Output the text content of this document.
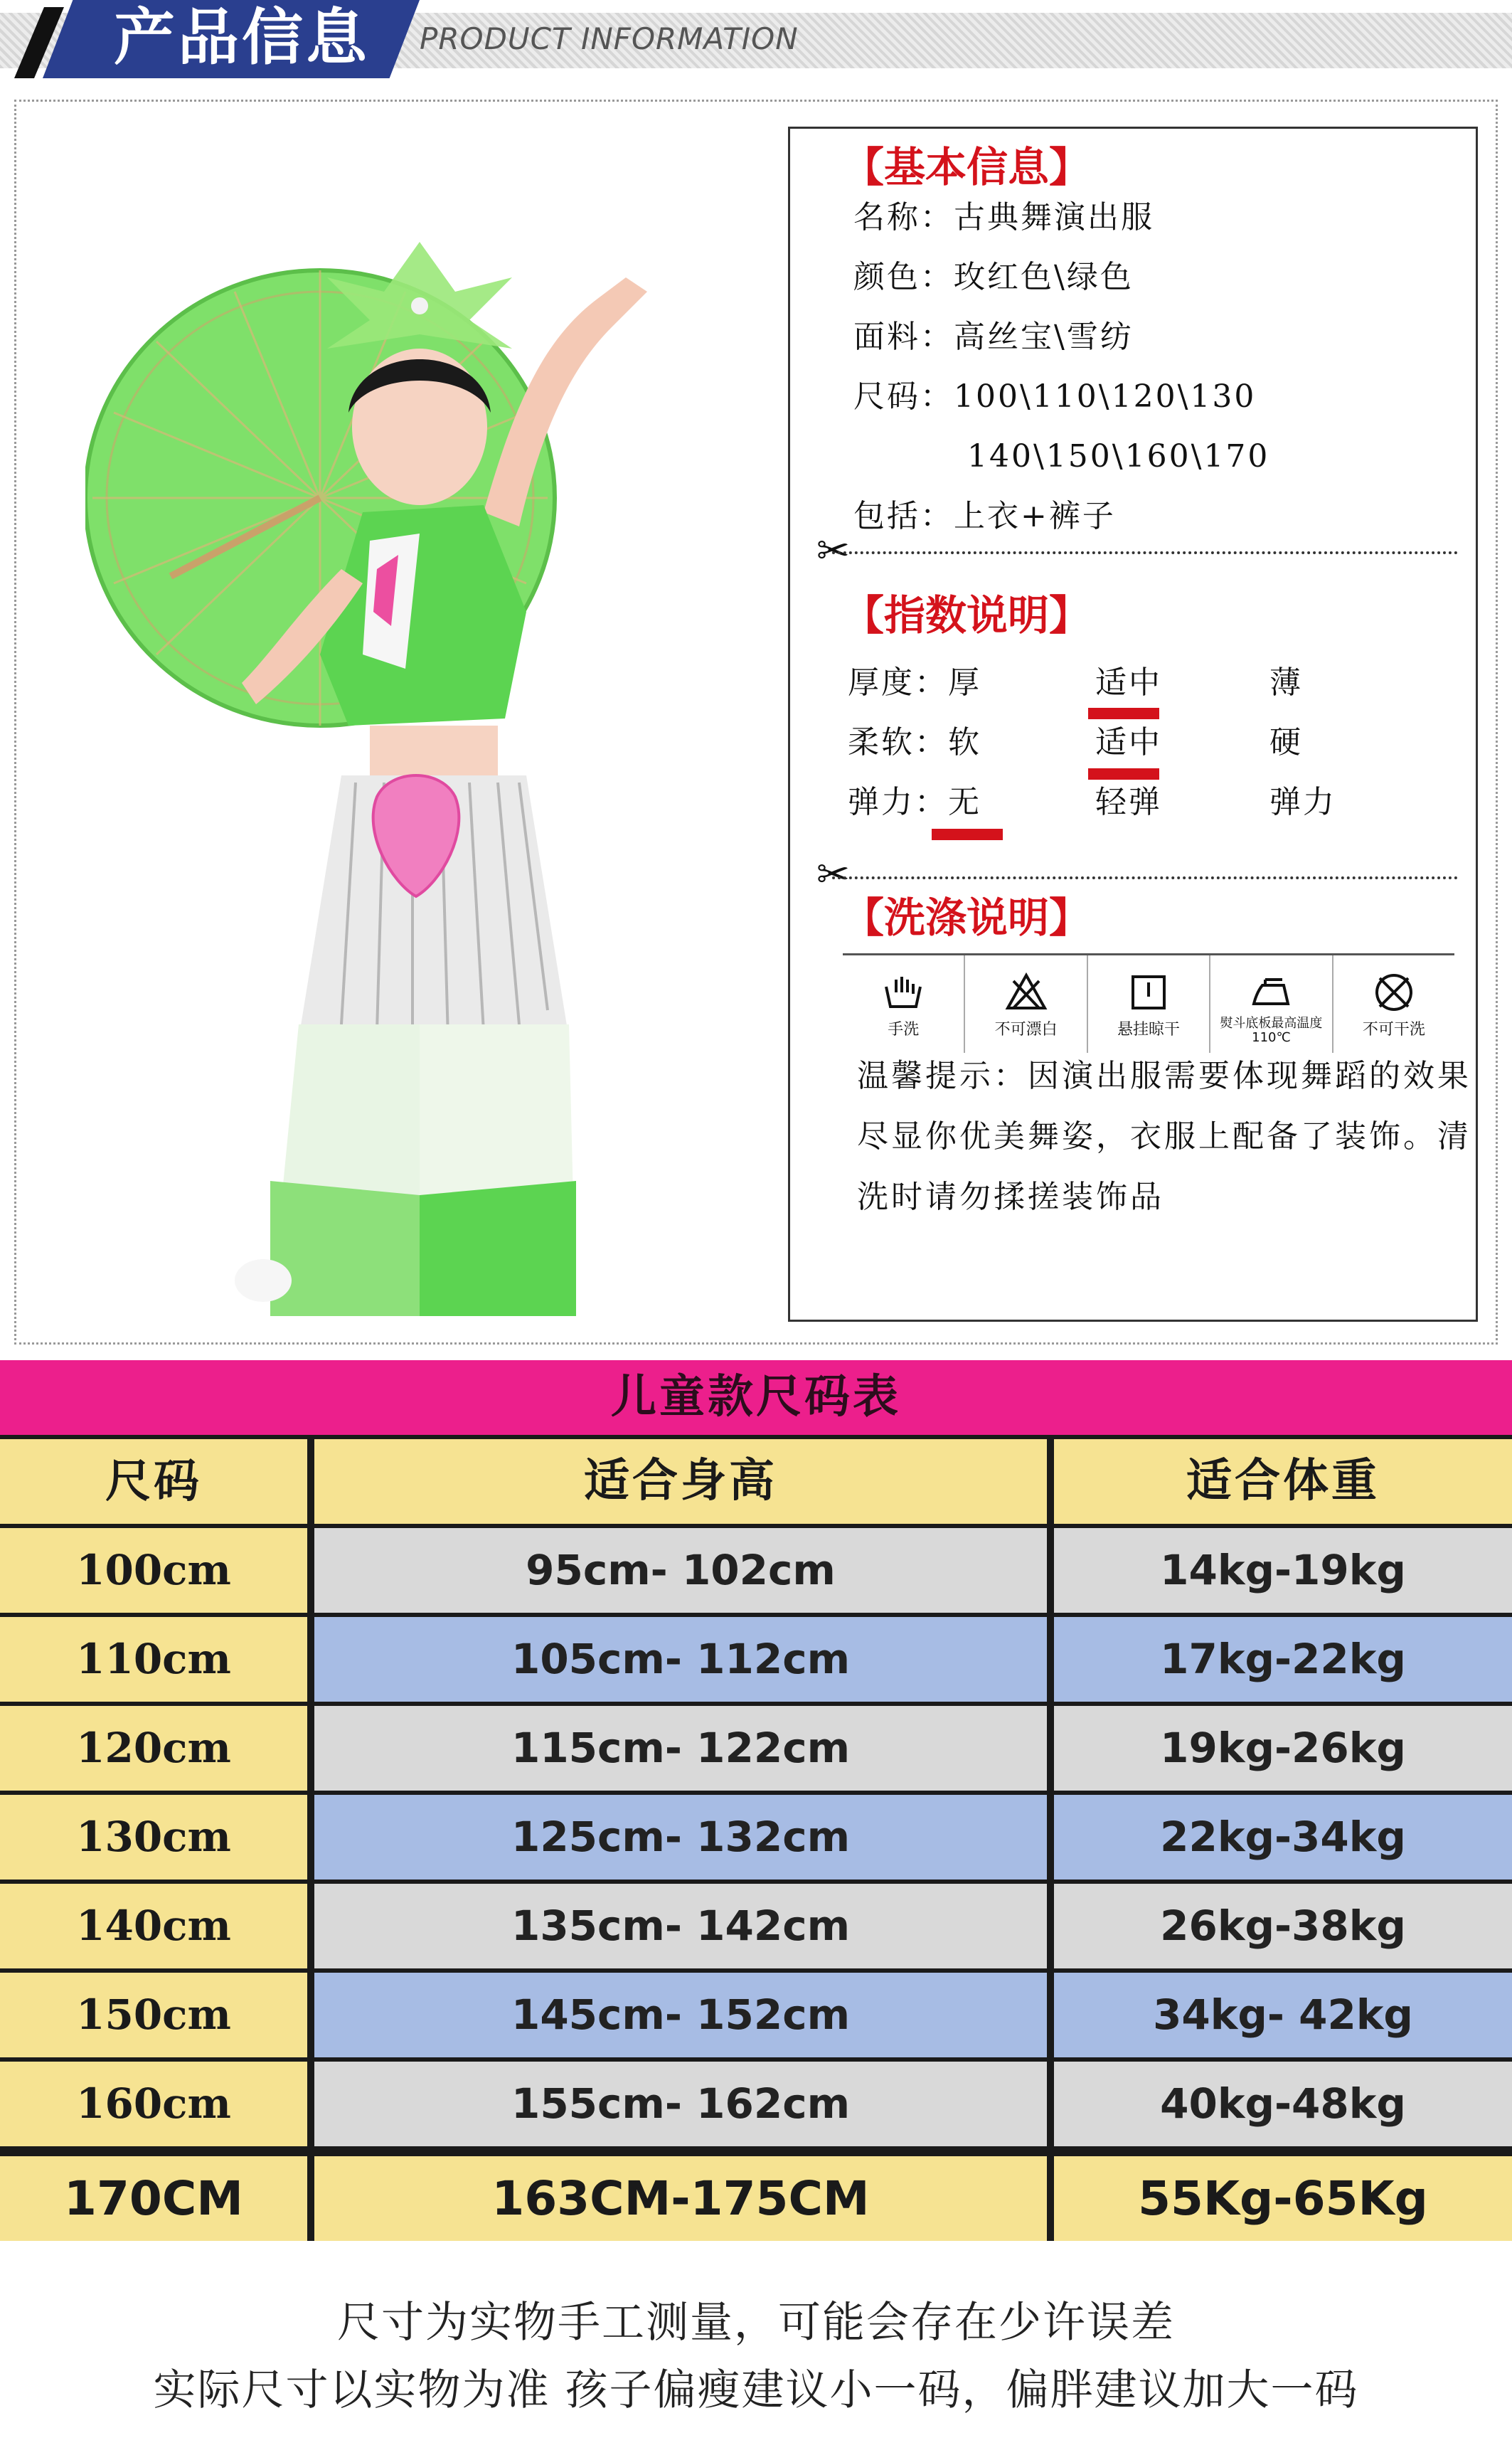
产品信息 PRODUCT INFORMATION
【基本信息】
名称：古典舞演出服
颜色：玫红色\绿色
面料：高丝宝\雪纺
尺码：100\110\120\130
140\150\160\170
包括：上衣+裤子
✂
【指数说明】
厚度：厚	适中	薄
柔软：软	适中	硬
弹力：无	轻弹	弹力
✂
【洗涤说明】
手洗	不可漂白	悬挂晾干	熨斗底板最高温度110℃	不可干洗
温馨提示：因演出服需要体现舞蹈的效果
尽显你优美舞姿，衣服上配备了装饰。清
洗时请勿揉搓装饰品
儿童款尺码表
尺码	适合身高	适合体重
100cm	95cm- 102cm	14kg-19kg
110cm	105cm- 112cm	17kg-22kg
120cm	115cm- 122cm	19kg-26kg
130cm	125cm- 132cm	22kg-34kg
140cm	135cm- 142cm	26kg-38kg
150cm	145cm- 152cm	34kg- 42kg
160cm	155cm- 162cm	40kg-48kg
170CM	163CM-175CM	55Kg-65Kg
尺寸为实物手工测量，可能会存在少许误差
实际尺寸以实物为准 孩子偏瘦建议小一码，偏胖建议加大一码
